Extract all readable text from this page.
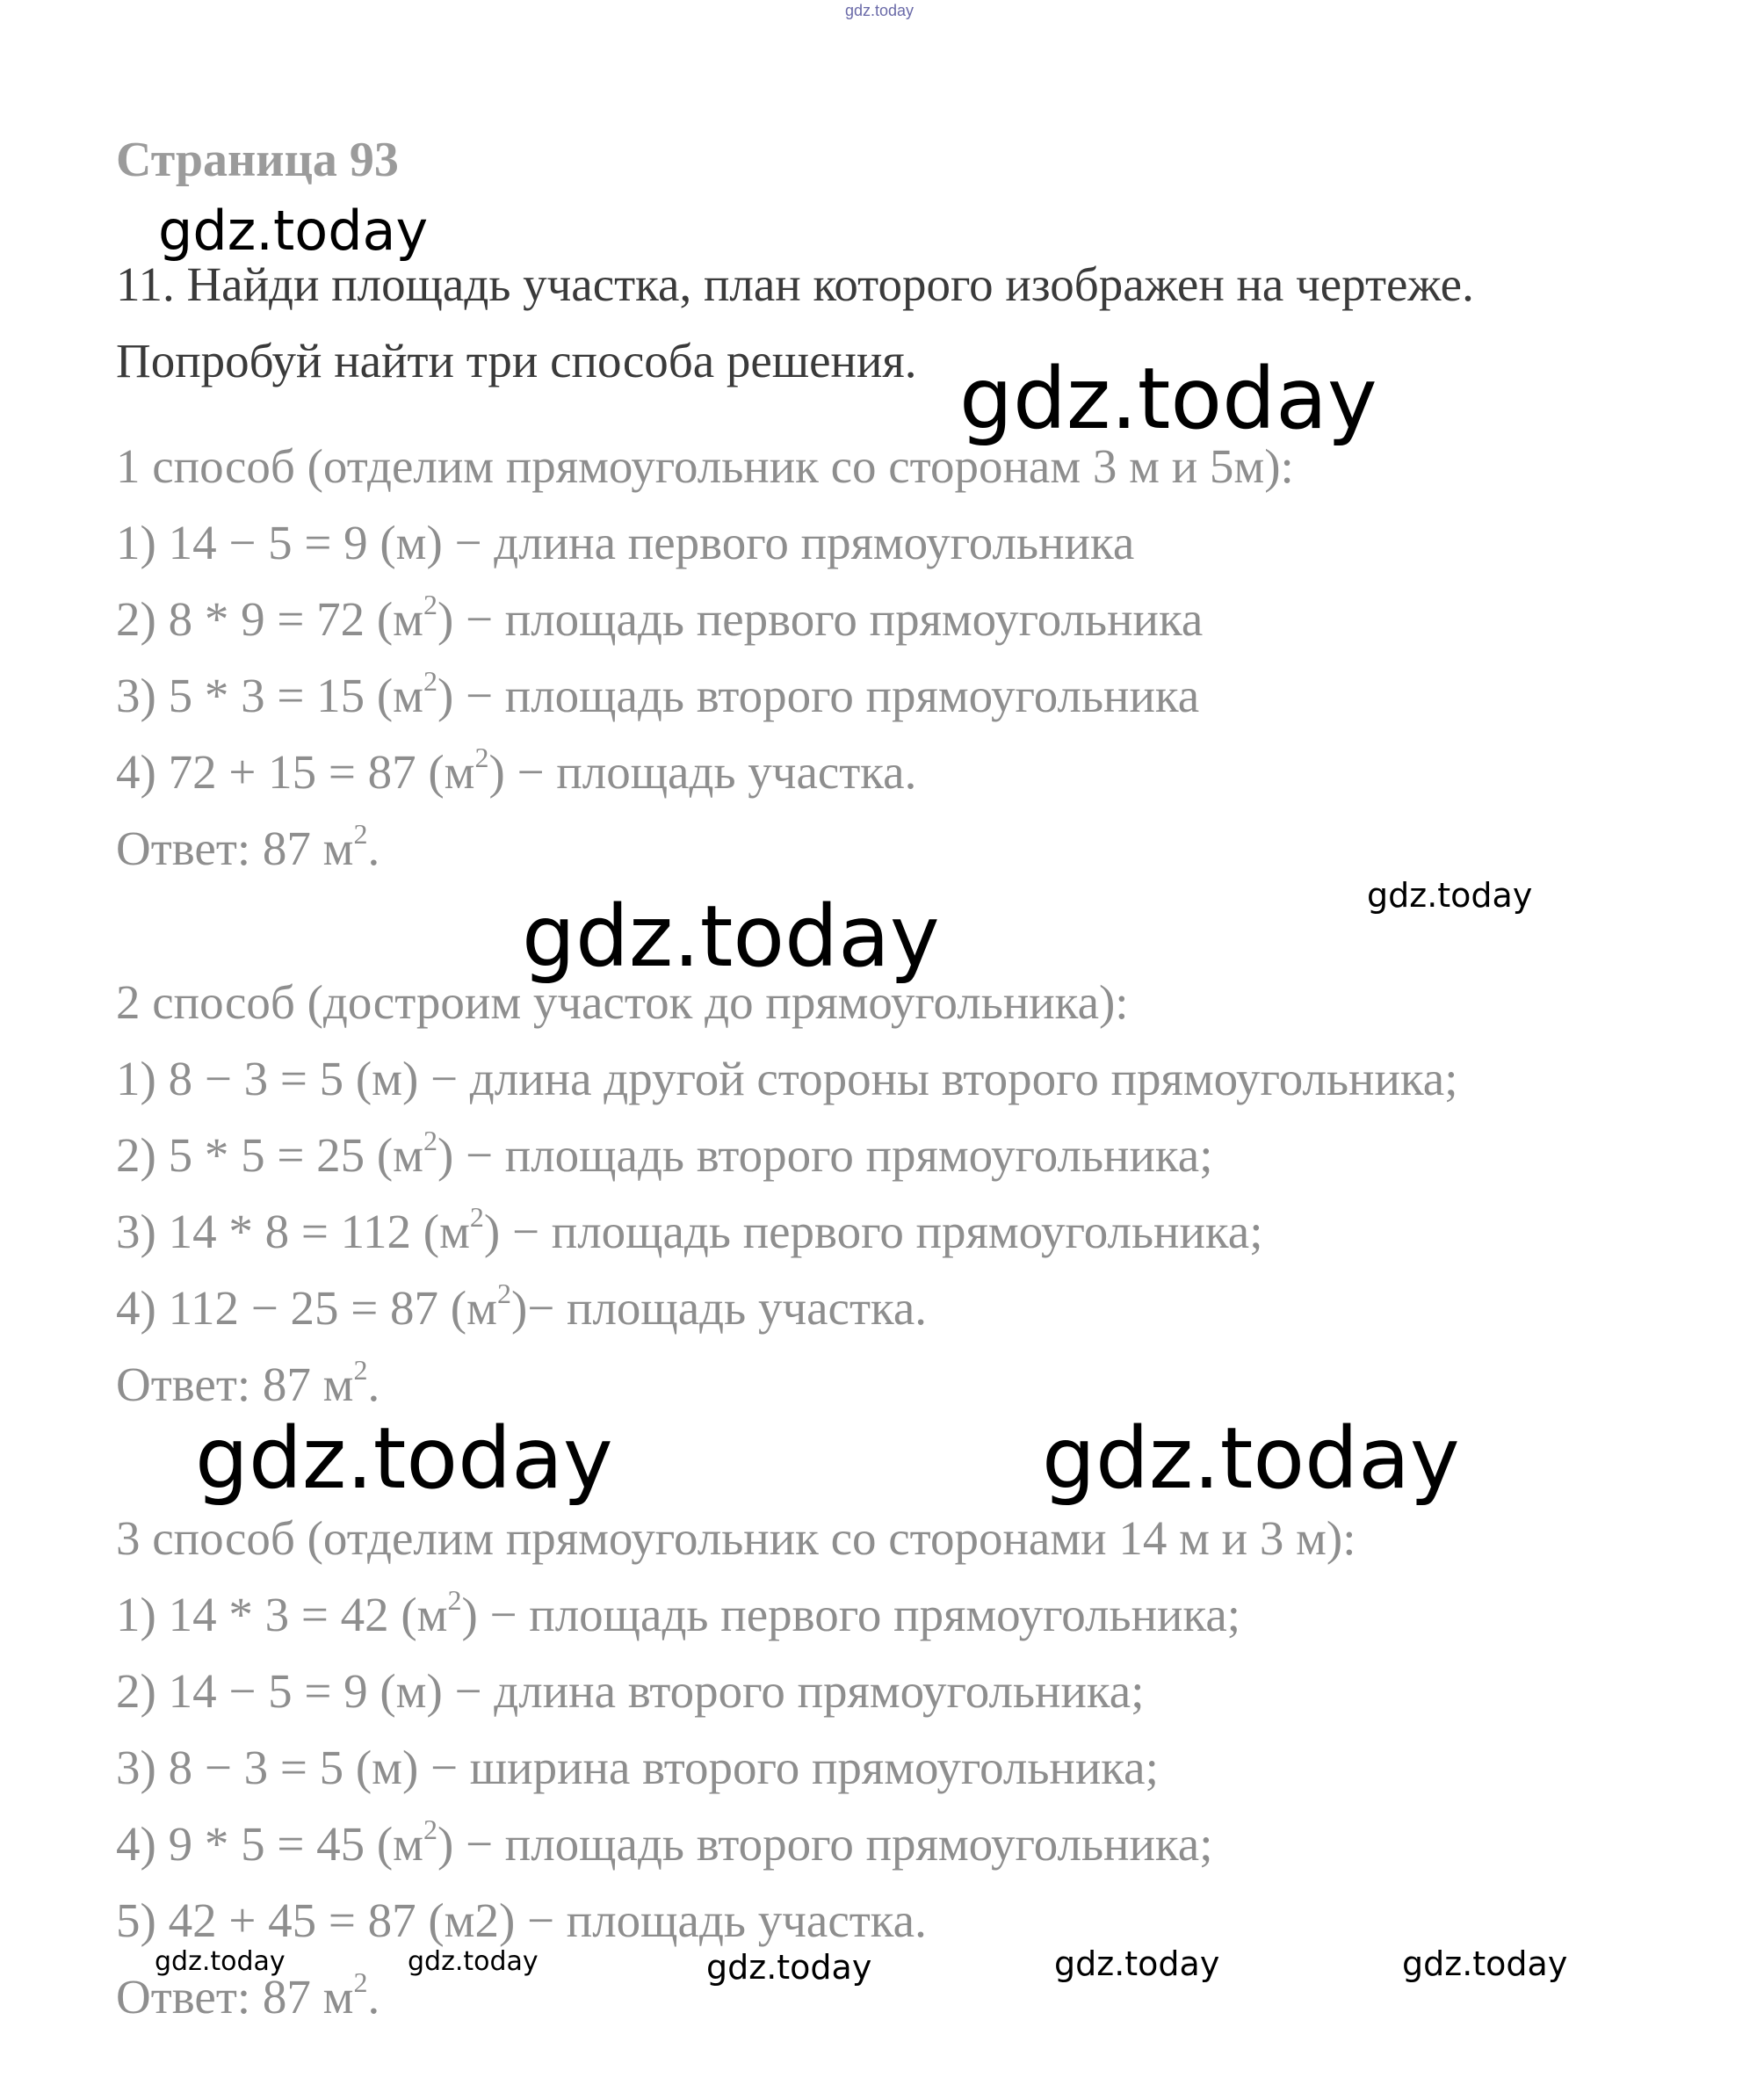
gdz.today
Страница 93
11. Найди площадь участка, план которого изображен на чертеже.
Попробуй найти три способа решения.
1 способ (отделим прямоугольник со сторонам 3 м и 5м):
1) 14 − 5 = 9 (м) − длина первого прямоугольника
2) 8 * 9 = 72 $(м^2)$ − площадь первого прямоугольника
3) 5 * 3 = 15 $(м^2)$ − площадь второго прямоугольника
4) 72 + 15 = 87 $(м^2)$ − площадь участка.
Ответ: 87 $м^2$.
2 способ (достроим участок до прямоугольника):
1) 8 − 3 = 5 (м) − длина другой стороны второго прямоугольника;
2) 5 * 5 = 25 $(м^2)$ − площадь второго прямоугольника;
3) 14 * 8 = 112 $(м^2)$ − площадь первого прямоугольника;
4) 112 − 25 = 87 $(м^2)-$ площадь участка.
Ответ: 87 $м^2$.
3 способ (отделим прямоугольник со сторонами 14 м и 3 м):
1) 14 * 3 = 42 $(м^2)$ − площадь первого прямоугольника;
2) 14 − 5 = 9 (м) − длина второго прямоугольника;
3) 8 − 3 = 5 (м) − ширина второго прямоугольника;
4) 9 * 5 = 45 $(м^2)$ − площадь второго прямоугольника;
5) 42 + 45 = 87 (м2) − площадь участка.
Ответ: 87 $м^2$.
gdz.today
gdz.today
gdz.today
gdz.today
gdz.today	gdz.today
gdz.today	gdz.today	gdz.today	gdz.today	gdz.today
